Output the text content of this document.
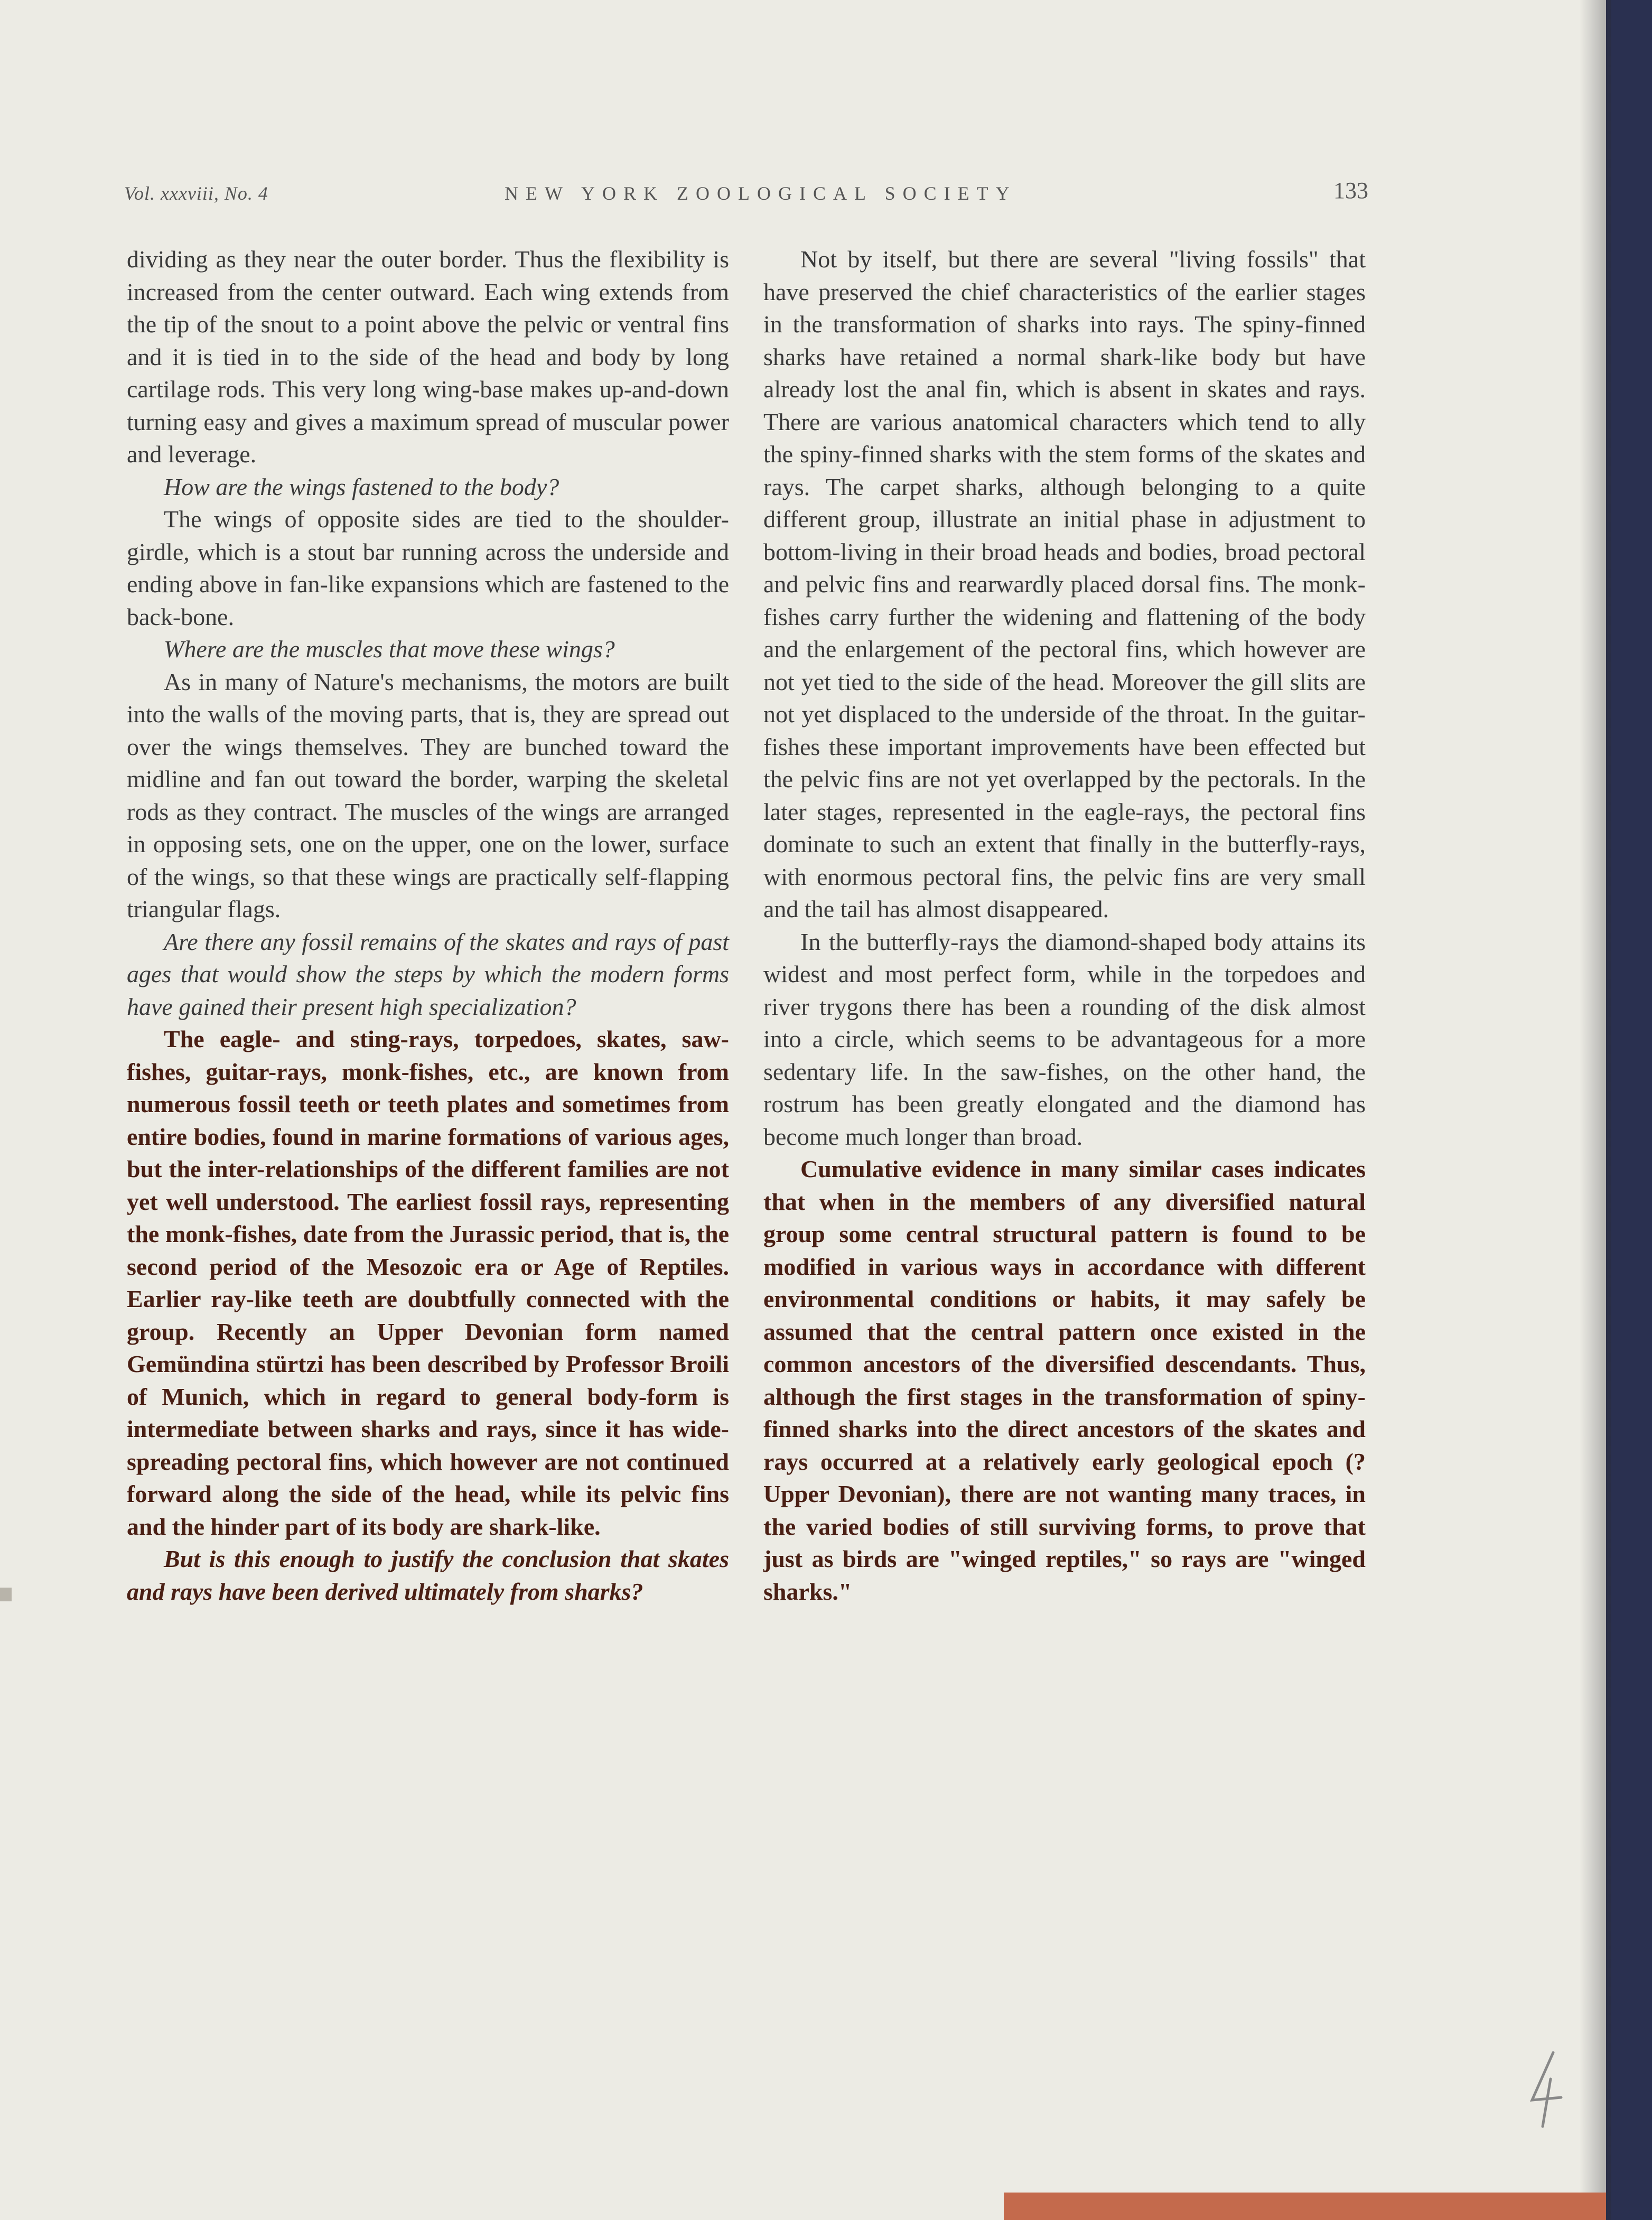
Vol. xxxviii, No. 4	NEW YORK ZOOLOGICAL SOCIETY	133

dividing as they near the outer border. Thus the flexibility is increased from the center outward. Each wing extends from the tip of the snout to a point above the pelvic or ventral fins and it is tied in to the side of the head and body by long cartilage rods. This very long wing-base makes up-and-down turning easy and gives a maximum spread of muscular power and leverage.

How are the wings fastened to the body?

The wings of opposite sides are tied to the shoulder-girdle, which is a stout bar running across the underside and ending above in fan-like expansions which are fastened to the back-bone.

Where are the muscles that move these wings?

As in many of Nature's mechanisms, the motors are built into the walls of the moving parts, that is, they are spread out over the wings themselves. They are bunched toward the midline and fan out toward the border, warping the skeletal rods as they contract. The muscles of the wings are arranged in opposing sets, one on the upper, one on the lower, surface of the wings, so that these wings are practically self-flapping triangular flags.

Are there any fossil remains of the skates and rays of past ages that would show the steps by which the modern forms have gained their present high specialization?

The eagle- and sting-rays, torpedoes, skates, saw-fishes, guitar-rays, monk-fishes, etc., are known from numerous fossil teeth or teeth plates and sometimes from entire bodies, found in marine formations of various ages, but the inter-relationships of the different families are not yet well understood. The earliest fossil rays, representing the monk-fishes, date from the Jurassic period, that is, the second period of the Mesozoic era or Age of Reptiles. Earlier ray-like teeth are doubtfully connected with the group. Recently an Upper Devonian form named Gemündina stürtzi has been described by Professor Broili of Munich, which in regard to general body-form is intermediate between sharks and rays, since it has wide-spreading pectoral fins, which however are not continued forward along the side of the head, while its pelvic fins and the hinder part of its body are shark-like.

But is this enough to justify the conclusion that skates and rays have been derived ultimately from sharks?

Not by itself, but there are several "living fossils" that have preserved the chief characteristics of the earlier stages in the transformation of sharks into rays. The spiny-finned sharks have retained a normal shark-like body but have already lost the anal fin, which is absent in skates and rays. There are various anatomical characters which tend to ally the spiny-finned sharks with the stem forms of the skates and rays. The carpet sharks, although belonging to a quite different group, illustrate an initial phase in adjustment to bottom-living in their broad heads and bodies, broad pectoral and pelvic fins and rearwardly placed dorsal fins. The monk-fishes carry further the widening and flattening of the body and the enlargement of the pectoral fins, which however are not yet tied to the side of the head. Moreover the gill slits are not yet displaced to the underside of the throat. In the guitar-fishes these important improvements have been effected but the pelvic fins are not yet overlapped by the pectorals. In the later stages, represented in the eagle-rays, the pectoral fins dominate to such an extent that finally in the butterfly-rays, with enormous pectoral fins, the pelvic fins are very small and the tail has almost disappeared.

In the butterfly-rays the diamond-shaped body attains its widest and most perfect form, while in the torpedoes and river trygons there has been a rounding of the disk almost into a circle, which seems to be advantageous for a more sedentary life. In the saw-fishes, on the other hand, the rostrum has been greatly elongated and the diamond has become much longer than broad.

Cumulative evidence in many similar cases indicates that when in the members of any diversified natural group some central structural pattern is found to be modified in various ways in accordance with different environmental conditions or habits, it may safely be assumed that the central pattern once existed in the common ancestors of the diversified descendants. Thus, although the first stages in the transformation of spiny-finned sharks into the direct ancestors of the skates and rays occurred at a relatively early geological epoch (?Upper Devonian), there are not wanting many traces, in the varied bodies of still surviving forms, to prove that just as birds are "winged reptiles," so rays are "winged sharks."
